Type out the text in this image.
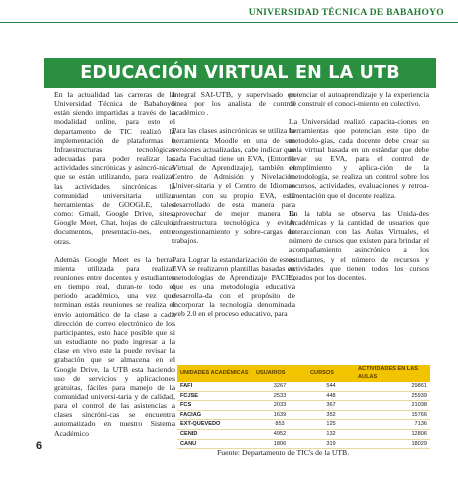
UNIVERSIDAD TÉCNICA DE BABAHOYO
EDUCACIÓN VIRTUAL EN LA UTB

En la actualidad las carreras de la Universidad Técnica de Babahoyo están siendo impartidas a través de la modalidad online, para esto el departamento de TIC realizó la implementación de plataformas e Infraestructuras tecnológicas adecuadas para poder realizar las actividades sincrónicas y asincró-nicas que se están utilizando, para realizar las actividades sincrónicas la comunidad universitaria utiliza herramientas de GOOGLE, tales como: Gmail, Google Drive, sites, Google Meet, Chat, hojas de cálculo, documentos, presentacio-nes, entre otras.

Además Google Meet es la herra-mienta utilizada para realizar reuniones entre docentes y estudiantes en tiempo real, duran-te todo el periodo académico, una vez que terminan estás reuniones se realiza el envío automático de la clase a cada dirección de correo electrónico de los participantes, esto hace posible que si un estudiante no pudo ingresar a la clase en vivo este la puede revisar la grabación que se almacena en el Google Drive, la UTB esta haciendo uso de servicios y aplicaciones gratuitas, fáciles para manejo de la comunidad universi-taria y de calidad, para el control de las asistencias a clases sincróni-cas se encuentra automatizado en nuestro Sistema Académico

Integral SAI-UTB, y supervisado en línea por los analista de control académico .

Para las clases asincrónicas se utiliza la herramienta Moodle en una de sus versiones actualizadas, cabe indicar que cada Facultad tiene un EVA, (Entorno Virtual de Aprendizaje), también el Centro de Admisión y Nivelación Univer-sitaria y el Centro de Idiomas cuentan con su propio EVA, está desarrollado de esta manera para aprovechar de mejor manera la infraestructura tecnológica y evitar congestionamiento y sobre-cargas de trabajos.

Para Lograr la estandarización de estos EVA se realizaron plantillas basadas en metodologías de Aprendizaje PACIE, que es una metodología educativa desarrolla-da con el propósito de incorporar la tecnología denominada web 2.0 en el proceso educativo, para

potenciar el autoaprendizaje y la experiencia de construir el conoci-miento en colectivo.

La Universidad realizó capacita-ciones en herramientas que potencian este tipo de metodolo-gías, cada docente debe crear su aula virtual basada en un estándar que debe llevar su EVA, para el control de cumplimiento y aplica-ción de la metodología, se realiza un control sobre los recursos, actividades, evaluaciones y retroa-limentación que el docente realiza.

En la tabla se observa las Unida-des Académicas y la cantidad de usuarios que interaccionan con las Aulas Virtuales, el número de cursos que existen para brindar el acompañamiento asincrónico a los estudiantes, y el número de recursos y actividades que tienen todos los cursos creados por los docentes.

UNIDADES ACADÉMICAS	USUARIOS	CURSOS	ACTIVIDADES EN LAS AULAS
FAFI	3267	544	29861
FCJSE	2533	448	25939
FCS	2033	367	21038
FACIAG	1639	352	15766
EXT-QUEVEDO	853	125	7136
CENID	4952	132	12806
CANU	1806	319	18029
Fuente: Departamento de TIC's de la UTB.
6
